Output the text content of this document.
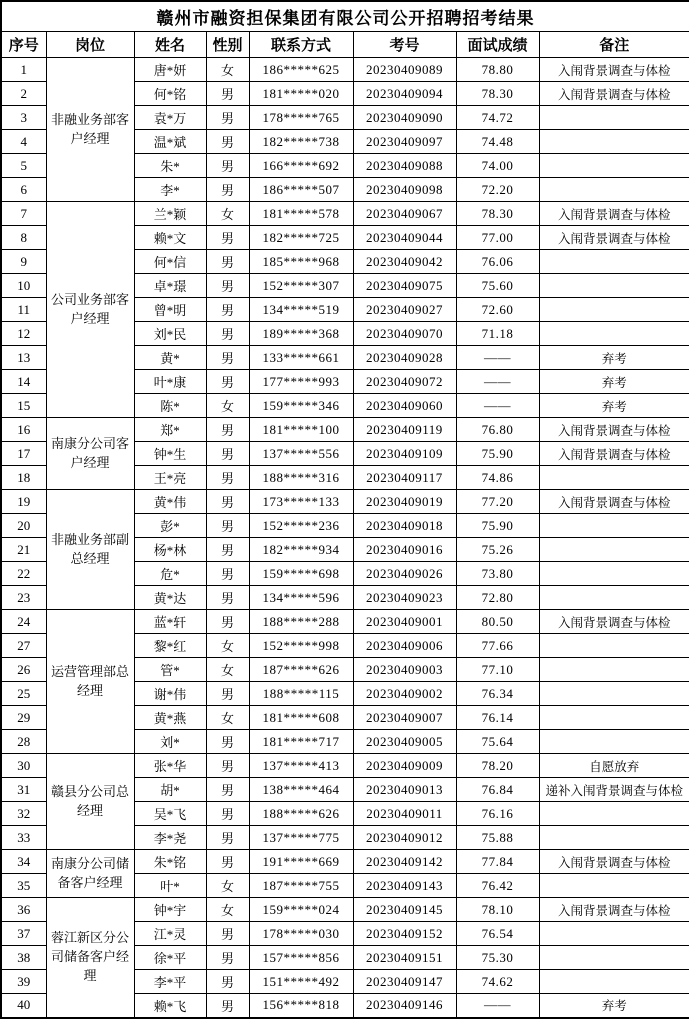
赣州市融资担保集团有限公司公开招聘招考结果							
序号	岗位	姓名	性别	联系方式	考号	面试成绩	备注
1	非融业务部客户经理	唐*妍	女	186*****625	20230409089	78.80	入闱背景调查与体检
2		何*铭	男	181*****020	20230409094	78.30	入闱背景调查与体检
3		袁*万	男	178*****765	20230409090	74.72	
4		温*斌	男	182*****738	20230409097	74.48	
5		朱*	男	166*****692	20230409088	74.00	
6		李*	男	186*****507	20230409098	72.20	
7	公司业务部客户经理	兰*颖	女	181*****578	20230409067	78.30	入闱背景调查与体检
8		赖*文	男	182*****725	20230409044	77.00	入闱背景调查与体检
9		何*信	男	185*****968	20230409042	76.06	
10		卓*璟	男	152*****307	20230409075	75.60	
11		曾*明	男	134*****519	20230409027	72.60	
12		刘*民	男	189*****368	20230409070	71.18	
13		黄*	男	133*****661	20230409028	——	弃考
14		叶*康	男	177*****993	20230409072	——	弃考
15		陈*	女	159*****346	20230409060	——	弃考
16	南康分公司客户经理	郑*	男	181*****100	20230409119	76.80	入闱背景调查与体检
17		钟*生	男	137*****556	20230409109	75.90	入闱背景调查与体检
18		王*亮	男	188*****316	20230409117	74.86	
19	非融业务部副总经理	黄*伟	男	173*****133	20230409019	77.20	入闱背景调查与体检
20		彭*	男	152*****236	20230409018	75.90	
21		杨*林	男	182*****934	20230409016	75.26	
22		危*	男	159*****698	20230409026	73.80	
23		黄*达	男	134*****596	20230409023	72.80	
24	运营管理部总经理	蓝*轩	男	188*****288	20230409001	80.50	入闱背景调查与体检
27		黎*红	女	152*****998	20230409006	77.66	
26		管*	女	187*****626	20230409003	77.10	
25		谢*伟	男	188*****115	20230409002	76.34	
29		黄*燕	女	181*****608	20230409007	76.14	
28		刘*	男	181*****717	20230409005	75.64	
30	赣县分公司总经理	张*华	男	137*****413	20230409009	78.20	自愿放弃
31		胡*	男	138*****464	20230409013	76.84	递补入闱背景调查与体检
32		吴*飞	男	188*****626	20230409011	76.16	
33		李*尧	男	137*****775	20230409012	75.88	
34	南康分公司储备客户经理	朱*铭	男	191*****669	20230409142	77.84	入闱背景调查与体检
35		叶*	女	187*****755	20230409143	76.42	
36	蓉江新区分公司储备客户经理	钟*宇	女	159*****024	20230409145	78.10	入闱背景调查与体检
37		江*灵	男	178*****030	20230409152	76.54	
38		徐*平	男	157*****856	20230409151	75.30	
39		李*平	男	151*****492	20230409147	74.62	
40		赖*飞	男	156*****818	20230409146	——	弃考
